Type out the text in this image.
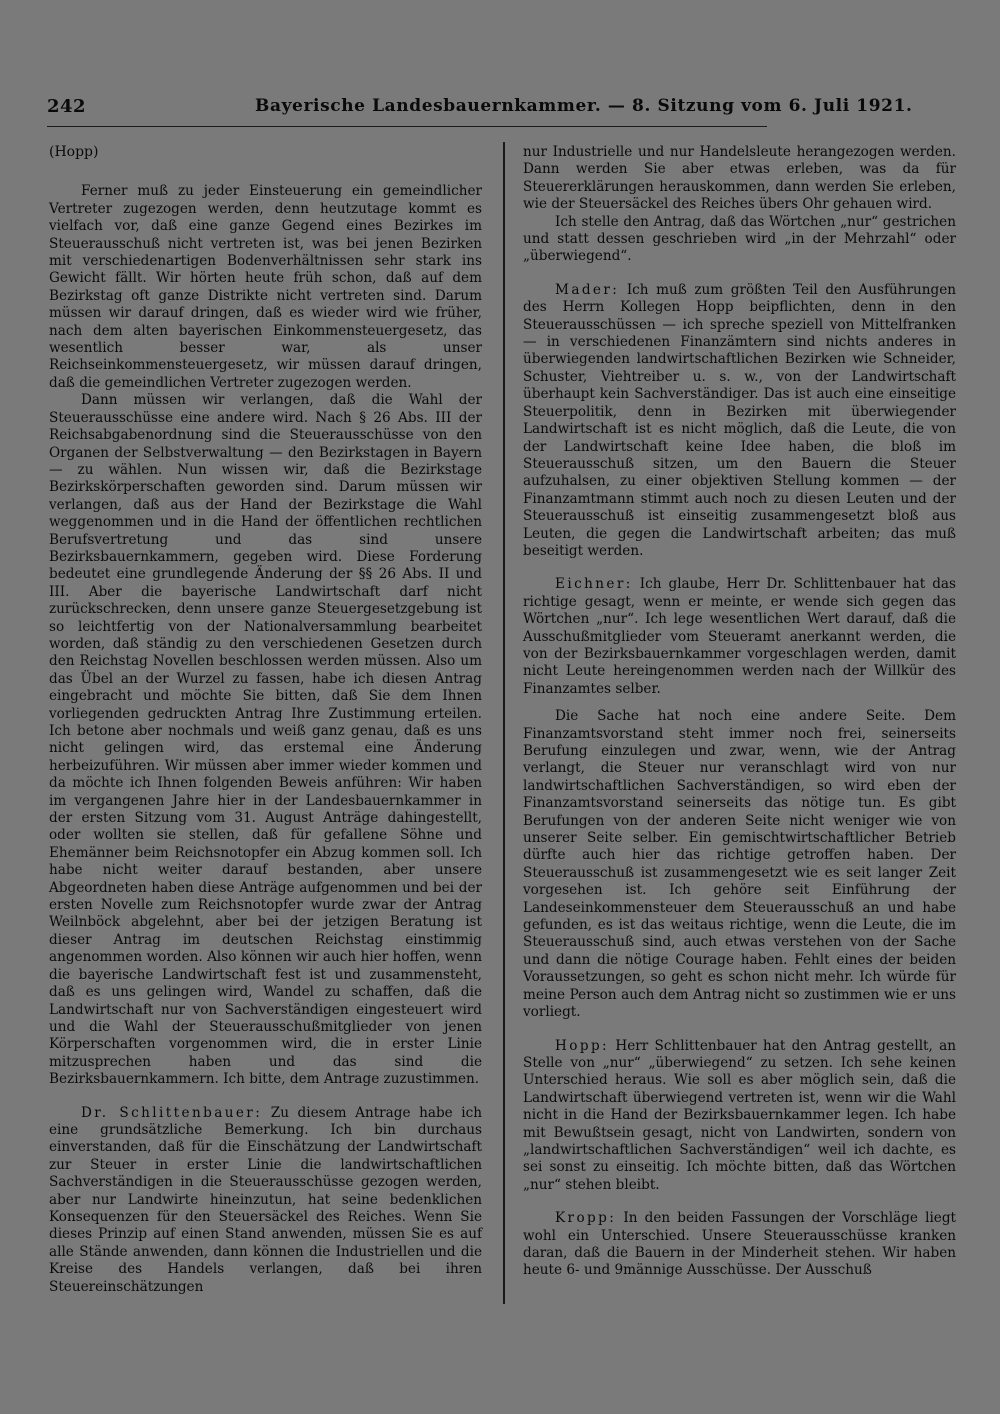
242	Bayerische Landesbauernkammer. — 8. Sitzung vom 6. Juli 1921.
(Hopp)

Ferner muß zu jeder Einsteuerung ein gemeindlicher Vertreter zugezogen werden, denn heutzutage kommt es vielfach vor, daß eine ganze Gegend eines Bezirkes im Steuerausschuß nicht vertreten ist, was bei jenen Bezirken mit verschiedenartigen Bodenverhältnissen sehr stark ins Gewicht fällt. Wir hörten heute früh schon, daß auf dem Bezirkstag oft ganze Distrikte nicht vertreten sind. Darum müssen wir darauf dringen, daß es wieder wird wie früher, nach dem alten bayerischen Einkommensteuergesetz, das wesentlich besser war, als unser Reichseinkommensteuergesetz, wir müssen darauf dringen, daß die gemeindlichen Vertreter zugezogen werden.

Dann müssen wir verlangen, daß die Wahl der Steuerausschüsse eine andere wird. Nach § 26 Abs. III der Reichsabgabenordnung sind die Steuerausschüsse von den Organen der Selbstverwaltung — den Bezirkstagen in Bayern — zu wählen. Nun wissen wir, daß die Bezirkstage Bezirkskörperschaften geworden sind. Darum müssen wir verlangen, daß aus der Hand der Bezirkstage die Wahl weggenommen und in die Hand der öffentlichen rechtlichen Berufsvertretung und das sind unsere Bezirksbauernkammern, gegeben wird. Diese Forderung bedeutet eine grundlegende Änderung der §§ 26 Abs. II und III. Aber die bayerische Landwirtschaft darf nicht zurückschrecken, denn unsere ganze Steuergesetzgebung ist so leichtfertig von der Nationalversammlung bearbeitet worden, daß ständig zu den verschiedenen Gesetzen durch den Reichstag Novellen beschlossen werden müssen. Also um das Übel an der Wurzel zu fassen, habe ich diesen Antrag eingebracht und möchte Sie bitten, daß Sie dem Ihnen vorliegenden gedruckten Antrag Ihre Zustimmung erteilen. Ich betone aber nochmals und weiß ganz genau, daß es uns nicht gelingen wird, das erstemal eine Änderung herbeizuführen. Wir müssen aber immer wieder kommen und da möchte ich Ihnen folgenden Beweis anführen: Wir haben im vergangenen Jahre hier in der Landesbauernkammer in der ersten Sitzung vom 31. August Anträge dahingestellt, oder wollten sie stellen, daß für gefallene Söhne und Ehemänner beim Reichsnotopfer ein Abzug kommen soll. Ich habe nicht weiter darauf bestanden, aber unsere Abgeordneten haben diese Anträge aufgenommen und bei der ersten Novelle zum Reichsnotopfer wurde zwar der Antrag Weilnböck abgelehnt, aber bei der jetzigen Beratung ist dieser Antrag im deutschen Reichstag einstimmig angenommen worden. Also können wir auch hier hoffen, wenn die bayerische Landwirtschaft fest ist und zusammensteht, daß es uns gelingen wird, Wandel zu schaffen, daß die Landwirtschaft nur von Sachverständigen eingesteuert wird und die Wahl der Steuerausschußmitglieder von jenen Körperschaften vorgenommen wird, die in erster Linie mitzusprechen haben und das sind die Bezirksbauernkammern. Ich bitte, dem Antrage zuzustimmen.

Dr. Schlittenbauer: Zu diesem Antrage habe ich eine grundsätzliche Bemerkung. Ich bin durchaus einverstanden, daß für die Einschätzung der Landwirtschaft zur Steuer in erster Linie die landwirtschaftlichen Sachverständigen in die Steuerausschüsse gezogen werden, aber nur Landwirte hineinzutun, hat seine bedenklichen Konsequenzen für den Steuersäckel des Reiches. Wenn Sie dieses Prinzip auf einen Stand anwenden, müssen Sie es auf alle Stände anwenden, dann können die Industriellen und die Kreise des Handels verlangen, daß bei ihren Steuereinschätzungen

nur Industrielle und nur Handelsleute herangezogen werden. Dann werden Sie aber etwas erleben, was da für Steuererklärungen herauskommen, dann werden Sie erleben, wie der Steuersäckel des Reiches übers Ohr gehauen wird.

Ich stelle den Antrag, daß das Wörtchen „nur“ gestrichen und statt dessen geschrieben wird „in der Mehrzahl“ oder „überwiegend“.

Mader: Ich muß zum größten Teil den Ausführungen des Herrn Kollegen Hopp beipflichten, denn in den Steuerausschüssen — ich spreche speziell von Mittelfranken — in verschiedenen Finanzämtern sind nichts anderes in überwiegenden landwirtschaftlichen Bezirken wie Schneider, Schuster, Viehtreiber u. s. w., von der Landwirtschaft überhaupt kein Sachverständiger. Das ist auch eine einseitige Steuerpolitik, denn in Bezirken mit überwiegender Landwirtschaft ist es nicht möglich, daß die Leute, die von der Landwirtschaft keine Idee haben, die bloß im Steuerausschuß sitzen, um den Bauern die Steuer aufzuhalsen, zu einer objektiven Stellung kommen — der Finanzamtmann stimmt auch noch zu diesen Leuten und der Steuerausschuß ist einseitig zusammengesetzt bloß aus Leuten, die gegen die Landwirtschaft arbeiten; das muß beseitigt werden.

Eichner: Ich glaube, Herr Dr. Schlittenbauer hat das richtige gesagt, wenn er meinte, er wende sich gegen das Wörtchen „nur“. Ich lege wesentlichen Wert darauf, daß die Ausschußmitglieder vom Steueramt anerkannt werden, die von der Bezirksbauernkammer vorgeschlagen werden, damit nicht Leute hereingenommen werden nach der Willkür des Finanzamtes selber.

Die Sache hat noch eine andere Seite. Dem Finanzamtsvorstand steht immer noch frei, seinerseits Berufung einzulegen und zwar, wenn, wie der Antrag verlangt, die Steuer nur veranschlagt wird von nur landwirtschaftlichen Sachverständigen, so wird eben der Finanzamtsvorstand seinerseits das nötige tun. Es gibt Berufungen von der anderen Seite nicht weniger wie von unserer Seite selber. Ein gemischtwirtschaftlicher Betrieb dürfte auch hier das richtige getroffen haben. Der Steuerausschuß ist zusammengesetzt wie es seit langer Zeit vorgesehen ist. Ich gehöre seit Einführung der Landeseinkommensteuer dem Steuerausschuß an und habe gefunden, es ist das weitaus richtige, wenn die Leute, die im Steuerausschuß sind, auch etwas verstehen von der Sache und dann die nötige Courage haben. Fehlt eines der beiden Voraussetzungen, so geht es schon nicht mehr. Ich würde für meine Person auch dem Antrag nicht so zustimmen wie er uns vorliegt.

Hopp: Herr Schlittenbauer hat den Antrag gestellt, an Stelle von „nur“ „überwiegend“ zu setzen. Ich sehe keinen Unterschied heraus. Wie soll es aber möglich sein, daß die Landwirtschaft überwiegend vertreten ist, wenn wir die Wahl nicht in die Hand der Bezirksbauernkammer legen. Ich habe mit Bewußtsein gesagt, nicht von Landwirten, sondern von „landwirtschaftlichen Sachverständigen“ weil ich dachte, es sei sonst zu einseitig. Ich möchte bitten, daß das Wörtchen „nur“ stehen bleibt.

Kropp: In den beiden Fassungen der Vorschläge liegt wohl ein Unterschied. Unsere Steuerausschüsse kranken daran, daß die Bauern in der Minderheit stehen. Wir haben heute 6- und 9männige Ausschüsse. Der Ausschuß
